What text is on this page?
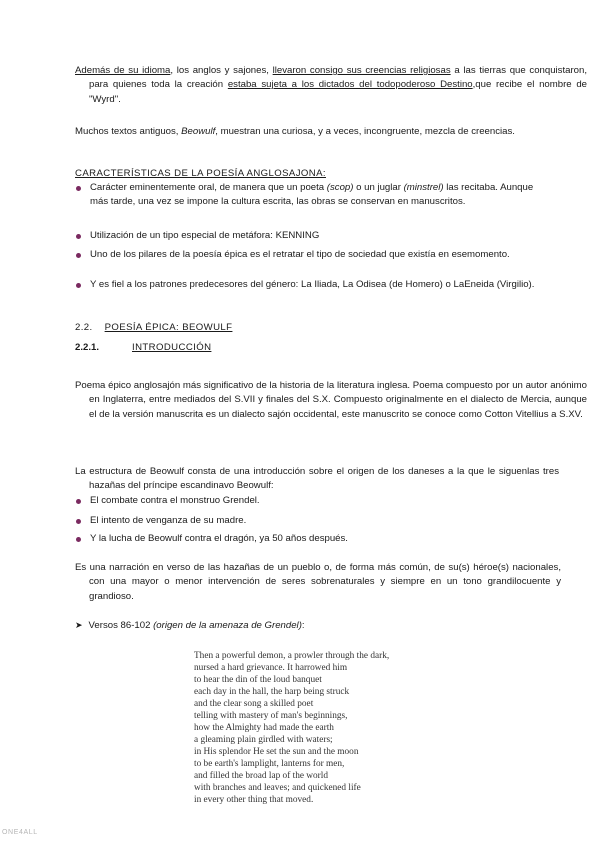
Además de su idioma, los anglos y sajones, llevaron consigo sus creencias religiosas a las tierras que conquistaron, para quienes toda la creación estaba sujeta a los dictados del todopoderoso Destino,que recibe el nombre de "Wyrd".

Muchos textos antiguos, Beowulf, muestran una curiosa, y a veces, incongruente, mezcla de creencias.

CARACTERÍSTICAS DE LA POESÍA ANGLOSAJONA:
Carácter eminentemente oral, de manera que un poeta (scop) o un juglar (minstrel) las recitaba. Aunque más tarde, una vez se impone la cultura escrita, las obras se conservan en manuscritos.
Utilización de un tipo especial de metáfora: KENNING
Uno de los pilares de la poesía épica es el retratar el tipo de sociedad que existía en esemomento.
Y es fiel a los patrones predecesores del género: La Iliada, La Odisea (de Homero) o LaEneida (Virgilio).
2.2. POESÍA ÉPICA: BEOWULF
2.2.1.	INTRODUCCIÓN

Poema épico anglosajón más significativo de la historia de la literatura inglesa. Poema compuesto por un autor anónimo en Inglaterra, entre mediados del S.VII y finales del S.X. Compuesto originalmente en el dialecto de Mercia, aunque el de la versión manuscrita es un dialecto sajón occidental, este manuscrito se conoce como Cotton Vitellius a S.XV.

La estructura de Beowulf consta de una introducción sobre el origen de los daneses a la que le siguenlas tres hazañas del príncipe escandinavo Beowulf:

El combate contra el monstruo Grendel.
El intento de venganza de su madre.
Y la lucha de Beowulf contra el dragón, ya 50 años después.

Es una narración en verso de las hazañas de un pueblo o, de forma más común, de su(s) héroe(s) nacionales, con una mayor o menor intervención de seres sobrenaturales y siempre en un tono grandilocuente y grandioso.

➤ Versos 86-102 (origen de la amenaza de Grendel):
Then a powerful demon, a prowler through the dark,
nursed a hard grievance. It harrowed him
to hear the din of the loud banquet
each day in the hall, the harp being struck
and the clear song a skilled poet
telling with mastery of man's beginnings,
how the Almighty had made the earth
a gleaming plain girdled with waters;
in His splendor He set the sun and the moon
to be earth's lamplight, lanterns for men,
and filled the broad lap of the world
with branches and leaves; and quickened life
in every other thing that moved.
ONE4ALL
